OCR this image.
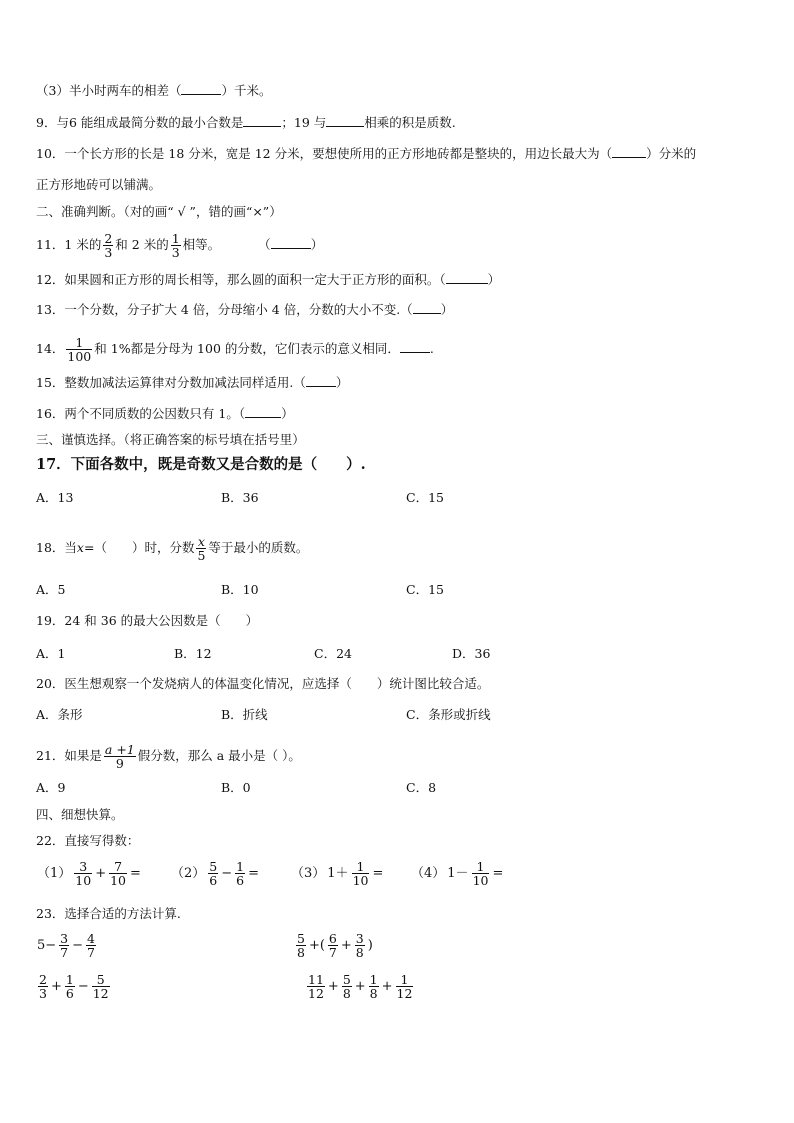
（3）半小时两车的相差（	）千米。
9．与6 能组成最简分数的最小合数是	；19 与	相乘的积是质数.
10．一个长方形的长是 18 分米，宽是 12 分米，要想使所用的正方形地砖都是整块的，用边长最大为（	）分米的
正方形地砖可以铺满。
二、准确判断。（对的画“ √ ”，错的画“×”）
11．1 米的 $\frac{2}{3}$ 和 2 米的 $\frac{1}{3}$ 相等。	（	）
12．如果圆和正方形的周长相等，那么圆的面积一定大于正方形的面积。（	）
13．一个分数，分子扩大 4 倍，分母缩小 4 倍，分数的大小不变.（ ）
14． $\frac{1}{100}$ 和 1%都是分母为 100 的分数，它们表示的意义相同． .
15．整数加减法运算律对分数加减法同样适用.（ ）
16．两个不同质数的公因数只有 1。（	）
三、谨慎选择。（将正确答案的标号填在括号里）
17．下面各数中，既是奇数又是合数的是（　　）.
A．13	B．36	C．15
18．当x=（　　）时，分数 $\frac{x}{5}$ 等于最小的质数。
A．5	B．10	C．15
19．24 和 36 的最大公因数是（　　）
A．1	B．12	C．24	D．36
20．医生想观察一个发烧病人的体温变化情况，应选择（　　）统计图比较合适。
A．条形	B．折线	C．条形或折线
21．如果是 $\frac{a +1}{9}$ 假分数，那么 a 最小是（ ）。
A．9	B．0	C．8
四、细想快算。
22．直接写得数：
$(1) \frac{3}{10} + \frac{7}{10} = (2) \frac{5}{6} - \frac{1}{6} = (3)$ $1+ \frac{1}{10} = (4)$ $1- \frac{1}{10}$ =
23．选择合适的方法计算.
$5- \frac{3}{7} - \frac{4}{7}$	$\frac{5}{8}$ +( $\frac{6}{7} + \frac{3}{8}$ )
$\frac{2}{3} + \frac{1}{6} - \frac{5}{12}$	$\frac{11}{12} + \frac{5}{8} + \frac{1}{8} + \frac{1}{12}$
